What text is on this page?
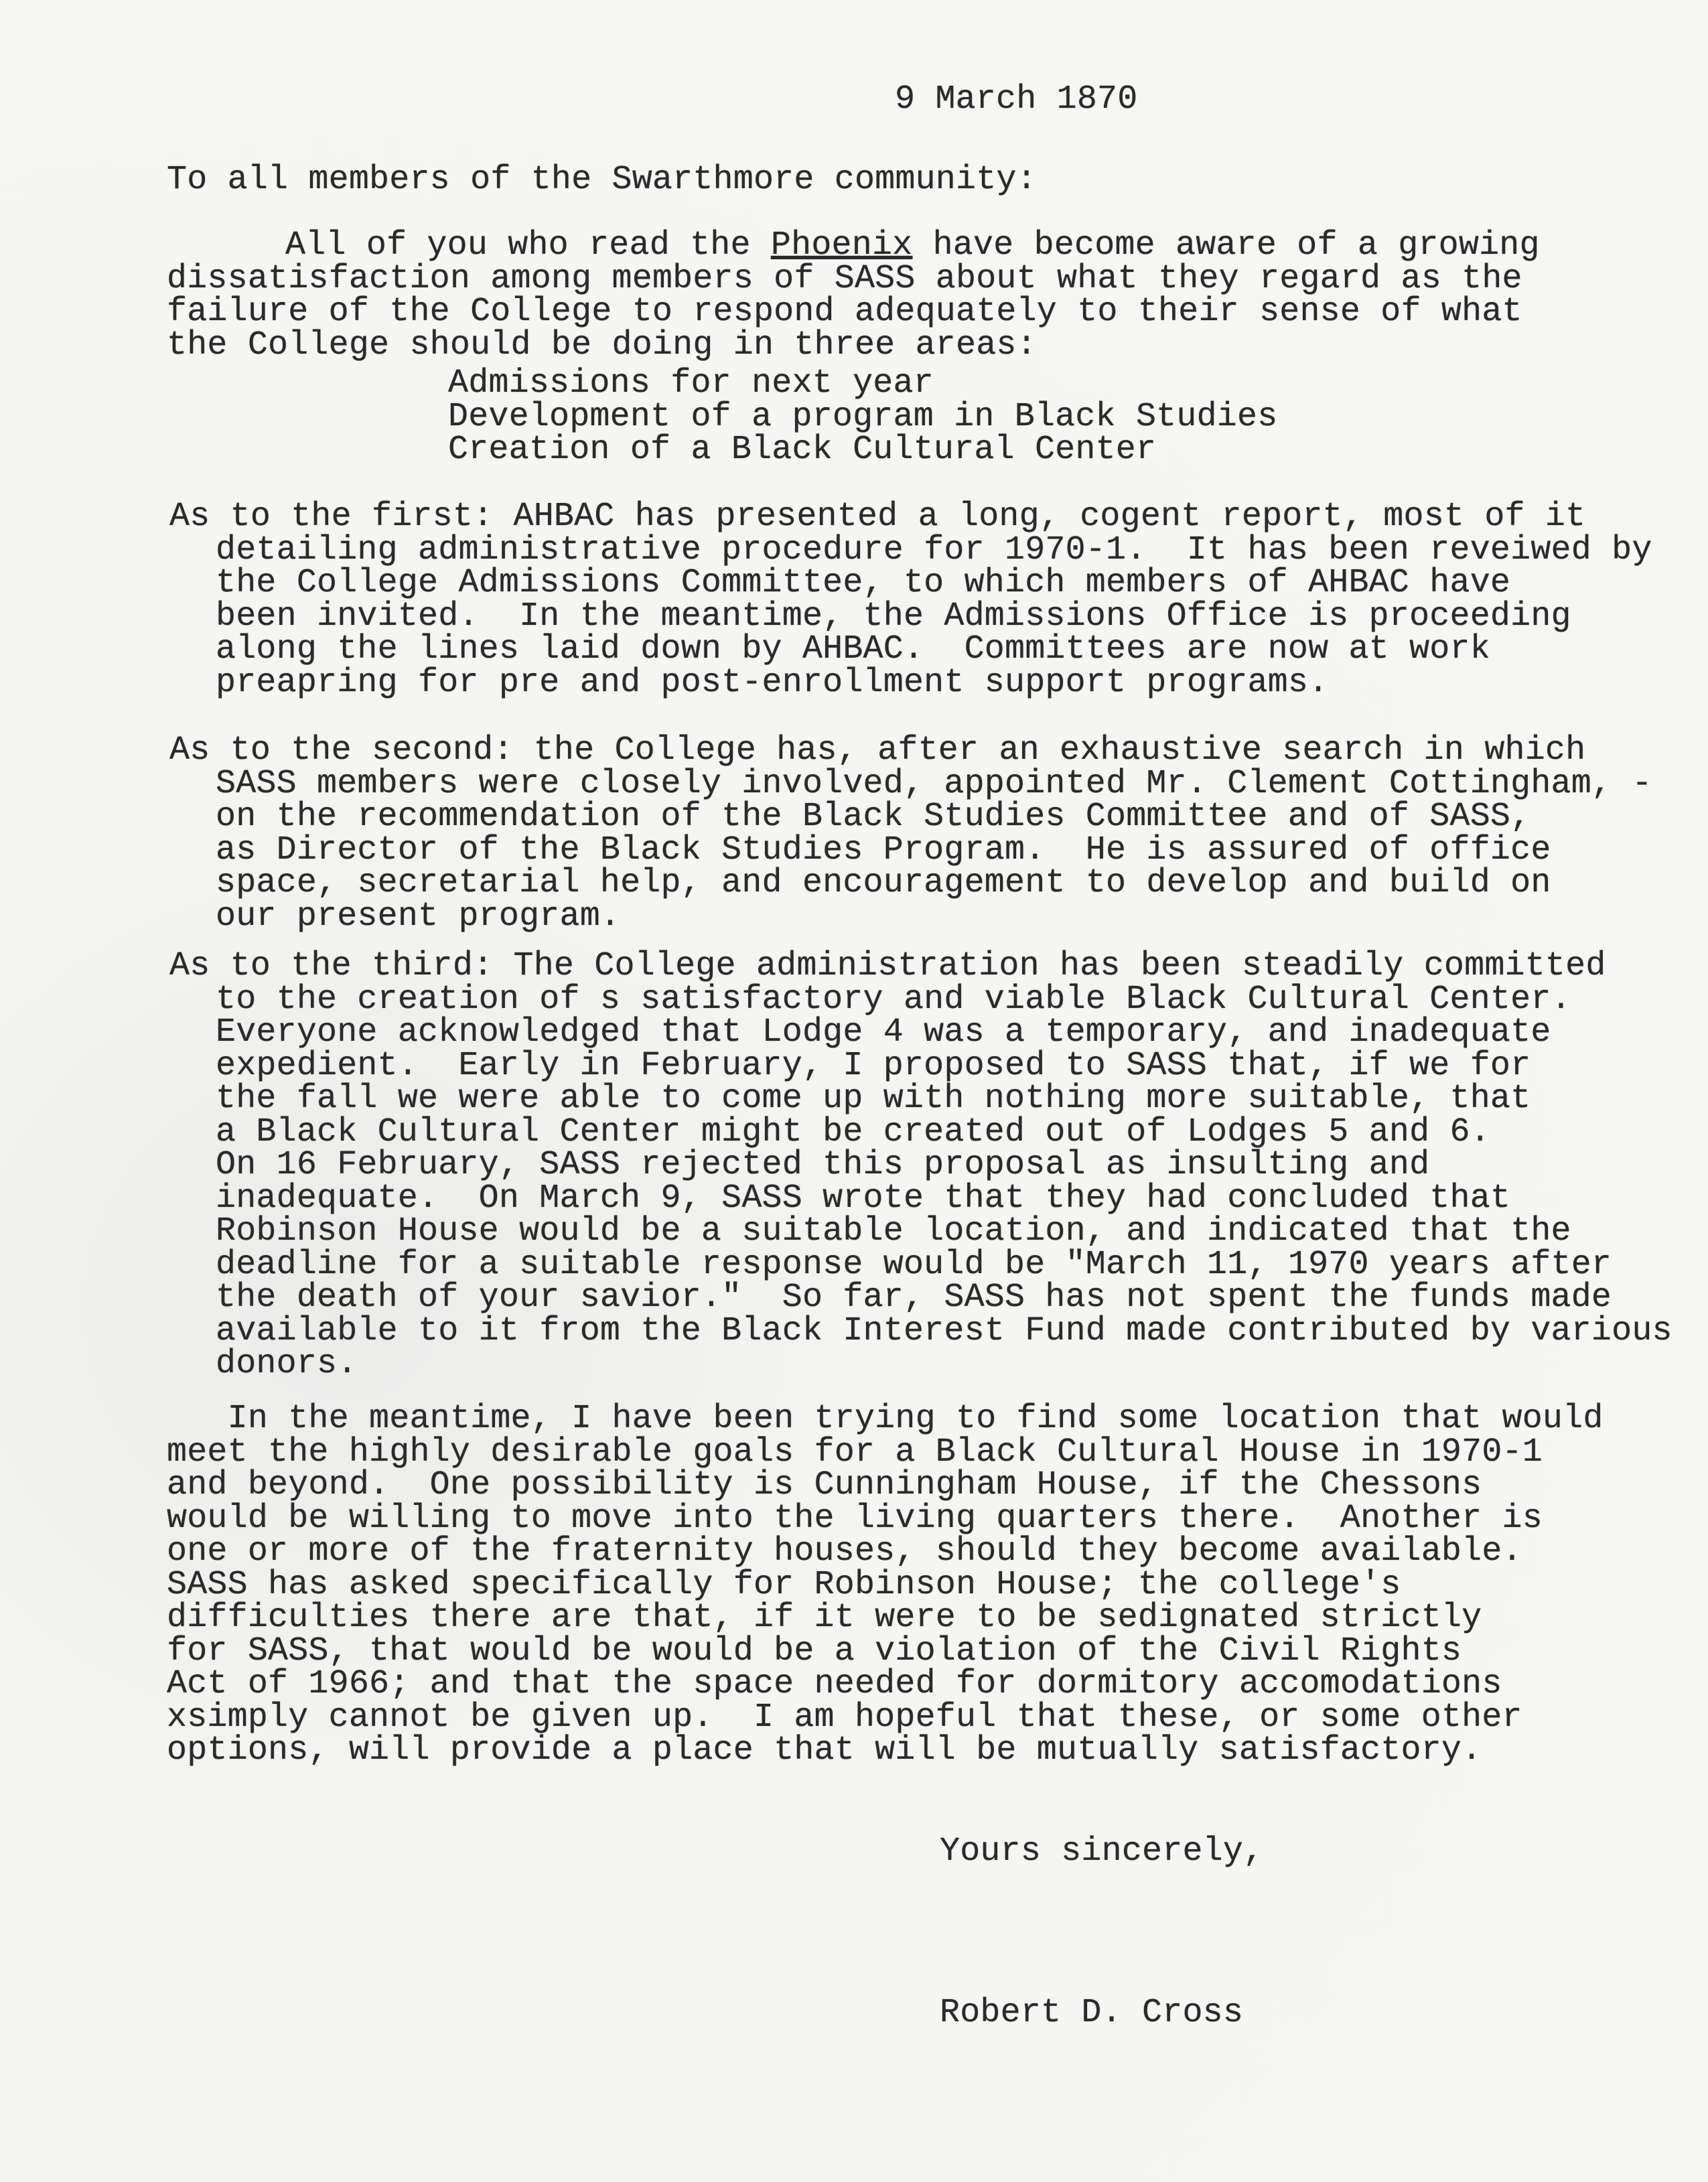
9 March 1870
To all members of the Swarthmore community:
All of you who read the Phoenix have become aware of a growing
dissatisfaction among members of SASS about what they regard as the
failure of the College to respond adequately to their sense of what
the College should be doing in three areas:
Admissions for next year
Development of a program in Black Studies
Creation of a Black Cultural Center
As to the first: AHBAC has presented a long, cogent report, most of it
detailing administrative procedure for 1970-1.  It has been reveiwed by
the College Admissions Committee, to which members of AHBAC have
been invited.  In the meantime, the Admissions Office is proceeding
along the lines laid down by AHBAC.  Committees are now at work
preapring for pre and post-enrollment support programs.
As to the second: the College has, after an exhaustive search in which
SASS members were closely involved, appointed Mr. Clement Cottingham, -
on the recommendation of the Black Studies Committee and of SASS,
as Director of the Black Studies Program.  He is assured of office
space, secretarial help, and encouragement to develop and build on
our present program.
As to the third: The College administration has been steadily committed
to the creation of s satisfactory and viable Black Cultural Center.
Everyone acknowledged that Lodge 4 was a temporary, and inadequate
expedient.  Early in February, I proposed to SASS that, if we for
the fall we were able to come up with nothing more suitable, that
a Black Cultural Center might be created out of Lodges 5 and 6.
On 16 February, SASS rejected this proposal as insulting and
inadequate.  On March 9, SASS wrote that they had concluded that
Robinson House would be a suitable location, and indicated that the
deadline for a suitable response would be "March 11, 1970 years after
the death of your savior."  So far, SASS has not spent the funds made
available to it from the Black Interest Fund made contributed by various
donors.
In the meantime, I have been trying to find some location that would
meet the highly desirable goals for a Black Cultural House in 1970-1
and beyond.  One possibility is Cunningham House, if the Chessons
would be willing to move into the living quarters there.  Another is
one or more of the fraternity houses, should they become available.
SASS has asked specifically for Robinson House; the college's
difficulties there are that, if it were to be sedignated strictly
for SASS, that would be would be a violation of the Civil Rights
Act of 1966; and that the space needed for dormitory accomodations
xsimply cannot be given up.  I am hopeful that these, or some other
options, will provide a place that will be mutually satisfactory.
Yours sincerely,
Robert D. Cross
